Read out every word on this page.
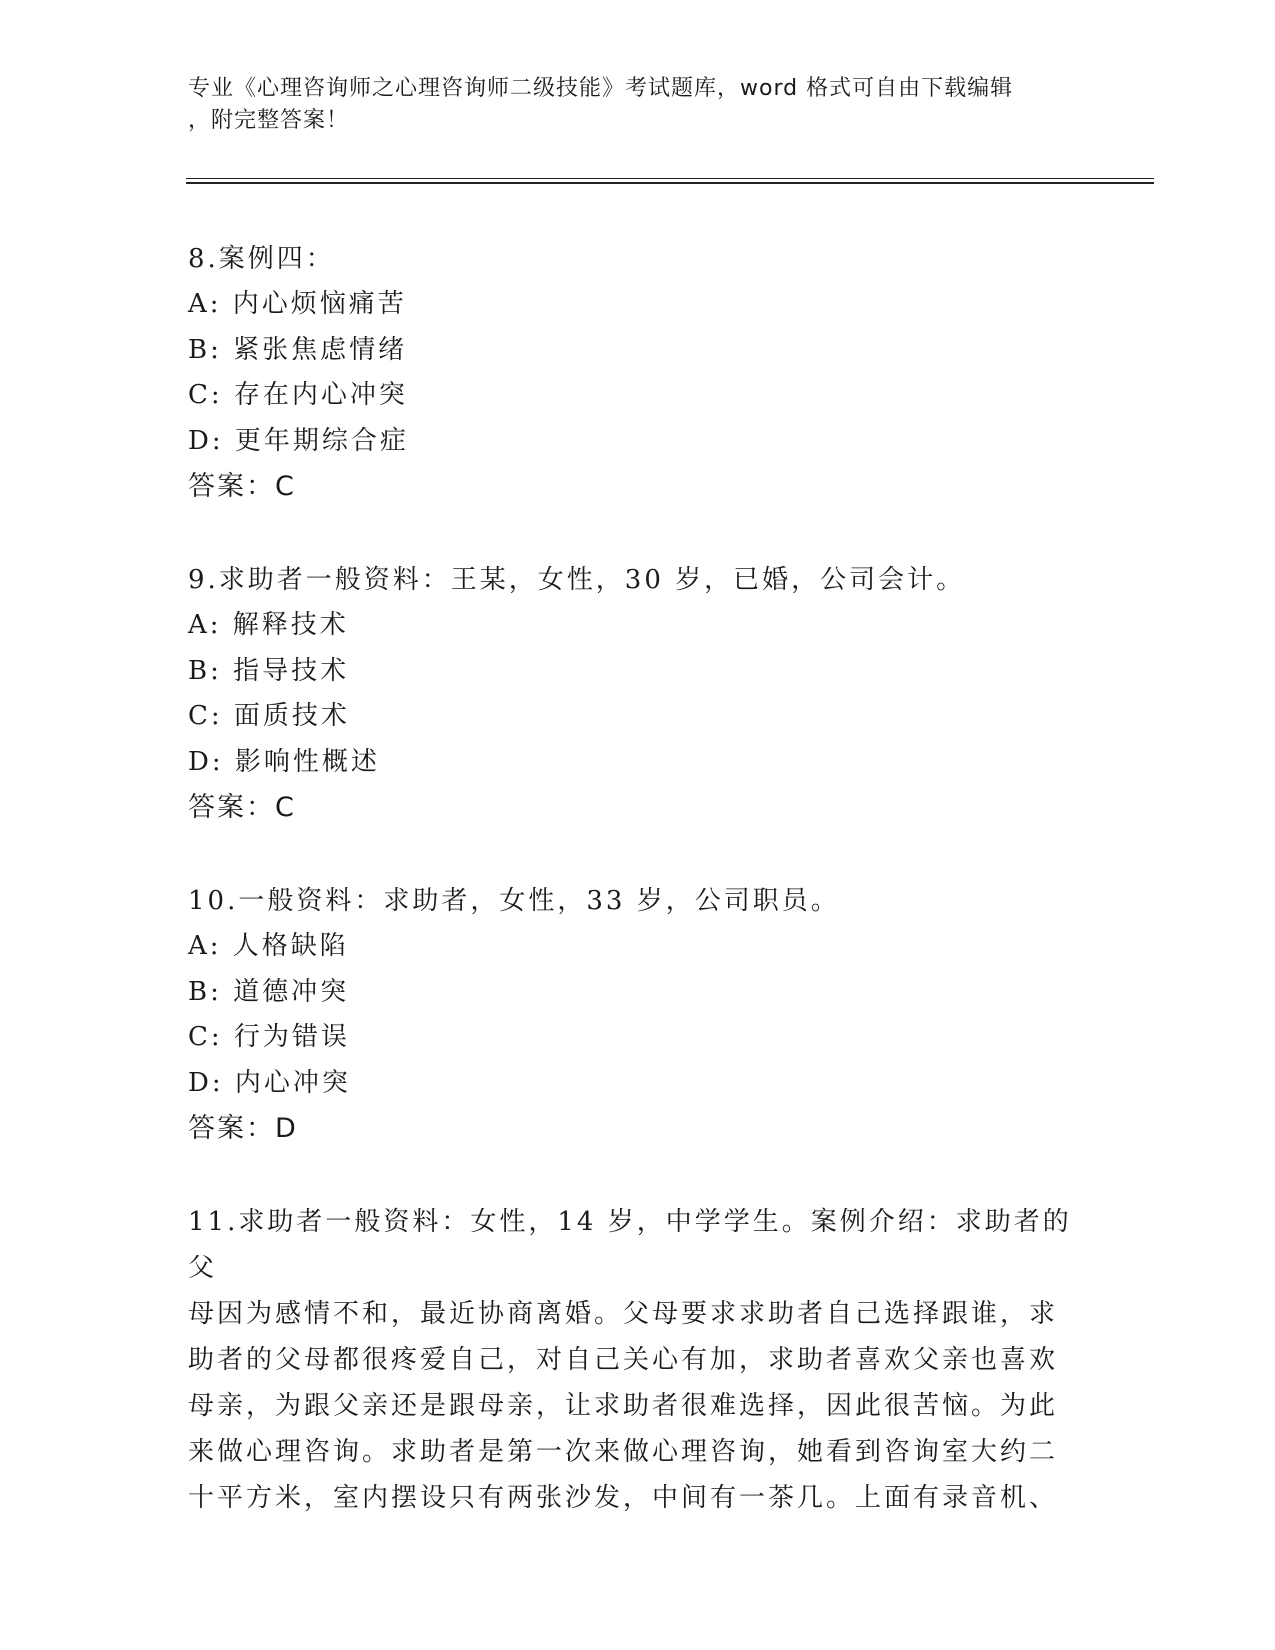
专业《心理咨询师之心理咨询师二级技能》考试题库，word 格式可自由下载编辑
，附完整答案！
8.案例四：
A: 内心烦恼痛苦
B: 紧张焦虑情绪
C: 存在内心冲突
D: 更年期综合症
答案：C
9.求助者一般资料：王某，女性，30 岁，已婚，公司会计。
A: 解释技术
B: 指导技术
C: 面质技术
D: 影响性概述
答案：C
10.一般资料：求助者，女性，33 岁，公司职员。
A: 人格缺陷
B: 道德冲突
C: 行为错误
D: 内心冲突
答案：D
11.求助者一般资料：女性，14 岁，中学学生。案例介绍：求助者的父
母因为感情不和，最近协商离婚。父母要求求助者自己选择跟谁，求
助者的父母都很疼爱自己，对自己关心有加，求助者喜欢父亲也喜欢
母亲，为跟父亲还是跟母亲，让求助者很难选择，因此很苦恼。为此
来做心理咨询。求助者是第一次来做心理咨询，她看到咨询室大约二
十平方米，室内摆设只有两张沙发，中间有一茶几。上面有录音机、
